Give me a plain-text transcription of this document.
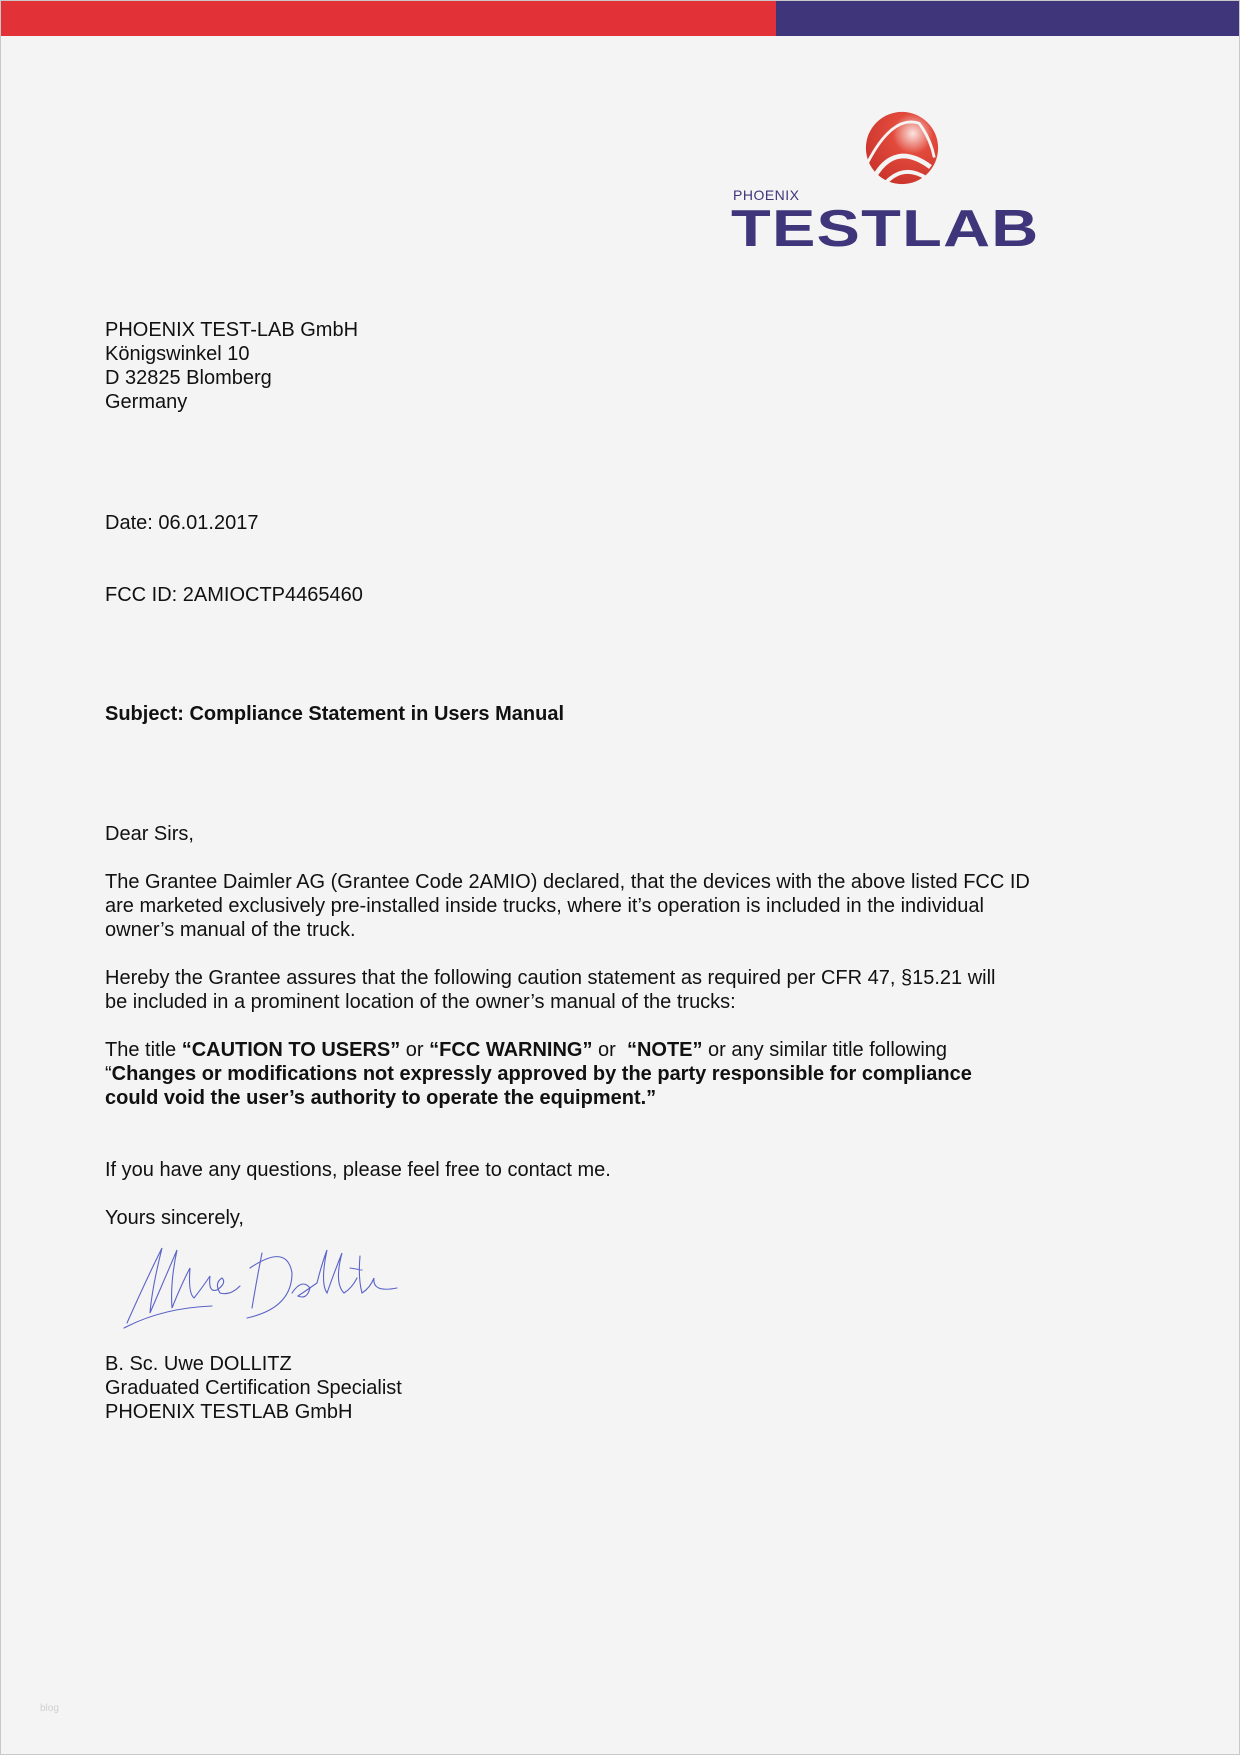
PHOENIX
TESTLAB
PHOENIX TEST-LAB GmbH
Königswinkel 10
D 32825 Blomberg
Germany
Date: 06.01.2017
FCC ID: 2AMIOCTP4465460
Subject: Compliance Statement in Users Manual
Dear Sirs,
The Grantee Daimler AG (Grantee Code 2AMIO) declared, that the devices with the above listed FCC ID
are marketed exclusively pre-installed inside trucks, where it’s operation is included in the individual
owner’s manual of the truck.
Hereby the Grantee assures that the following caution statement as required per CFR 47, §15.21 will
be included in a prominent location of the owner’s manual of the trucks:
The title “CAUTION TO USERS” or “FCC WARNING” or  “NOTE” or any similar title following
“Changes or modifications not expressly approved by the party responsible for compliance
could void the user’s authority to operate the equipment.”
If you have any questions, please feel free to contact me.
Yours sincerely,
B. Sc. Uwe DOLLITZ
Graduated Certification Specialist
PHOENIX TESTLAB GmbH
blog
